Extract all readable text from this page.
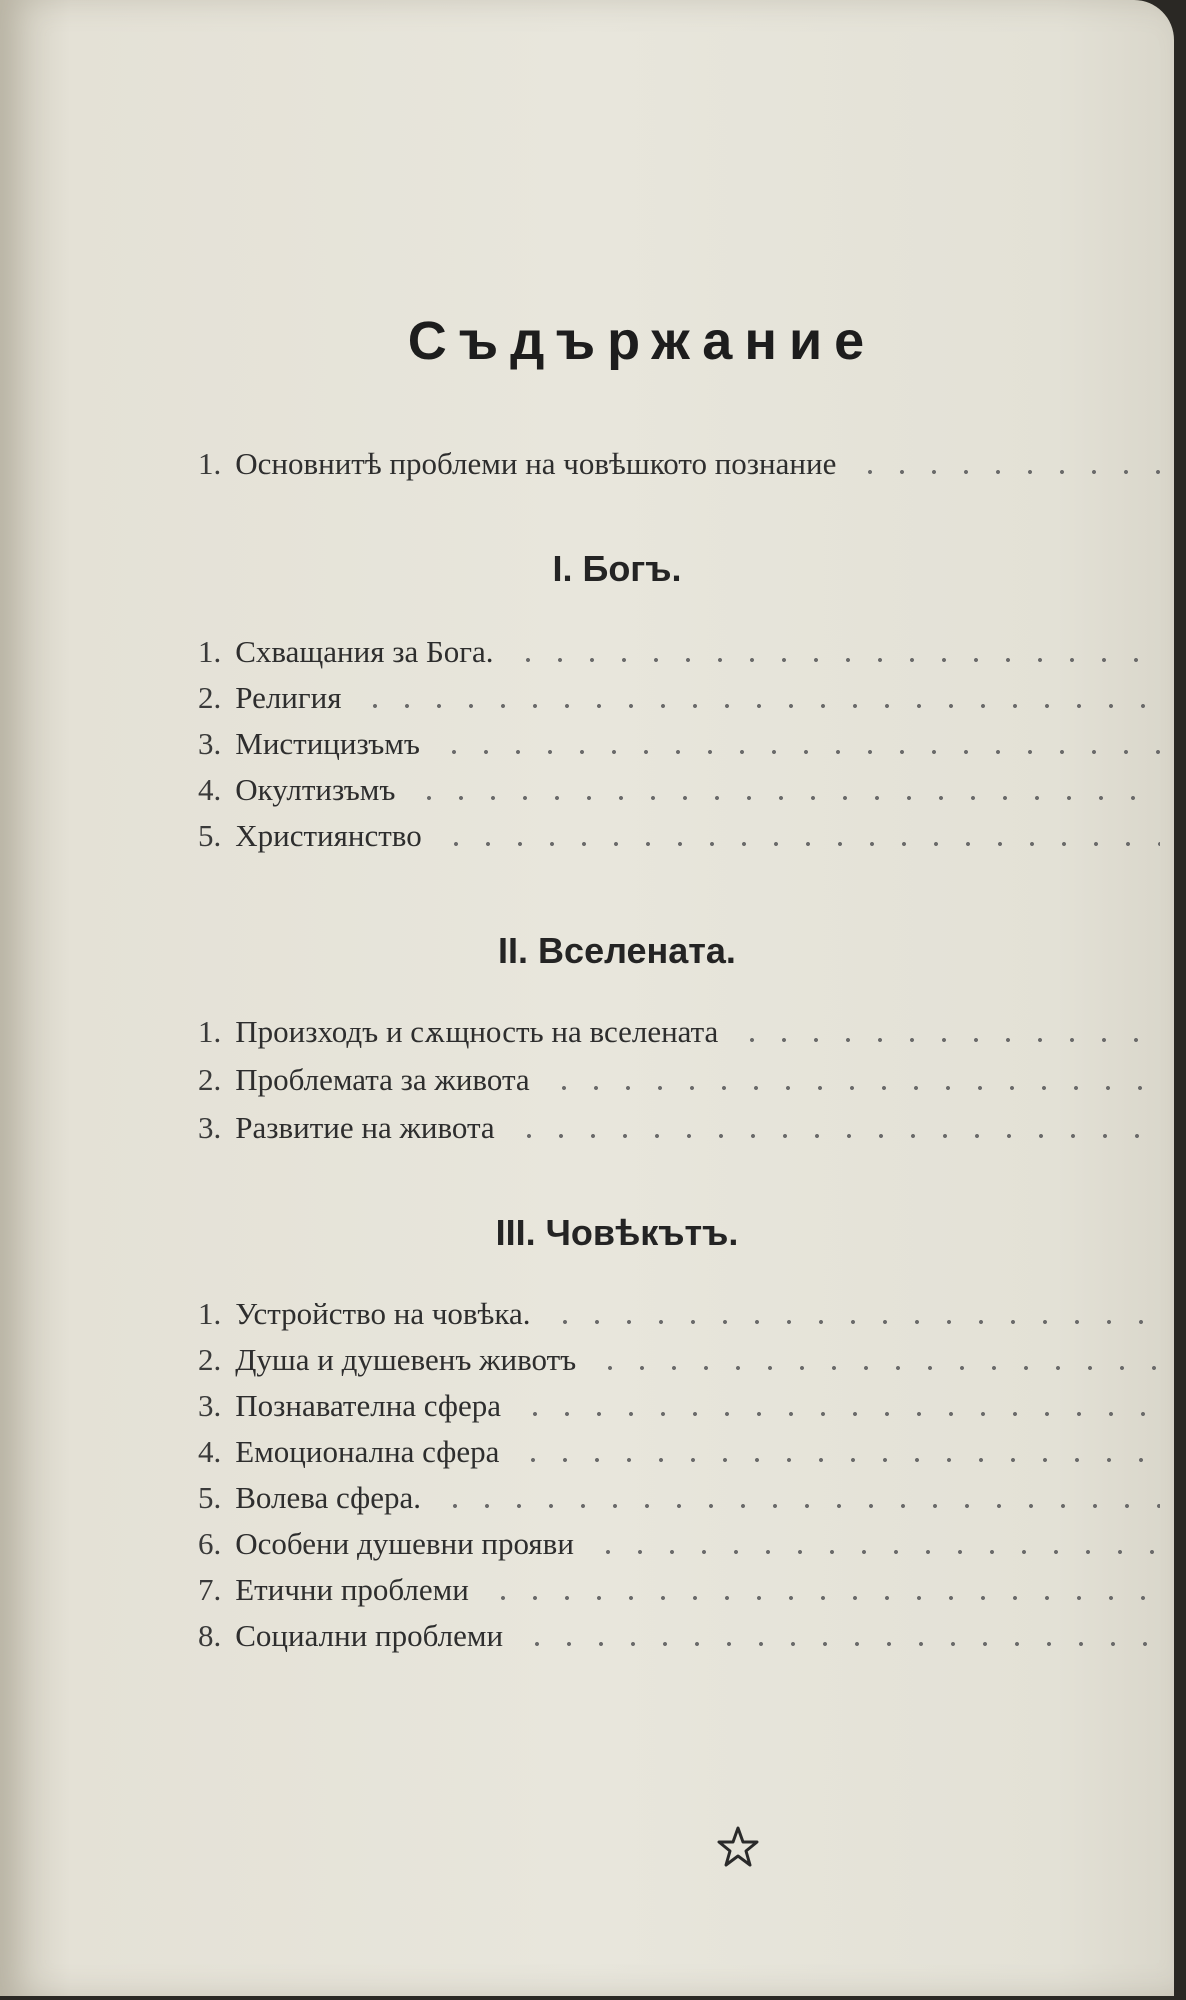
Съдържание
1. Основнитѣ проблеми на човѣшкото познание
I. Богъ.
1. Схващания за Бога.
2. Религия
3. Мистицизъмъ
4. Окултизъмъ
5. Християнство
II. Вселената.
1. Произходъ и сѫщность на вселената
2. Проблемата за живота
3. Развитие на живота
III. Човѣкътъ.
1. Устройство на човѣка.
2. Душа и душевенъ животъ
3. Познавателна сфера
4. Емоционална сфера
5. Волева сфера.
6. Особени душевни прояви
7. Етични проблеми
8. Социални проблеми
